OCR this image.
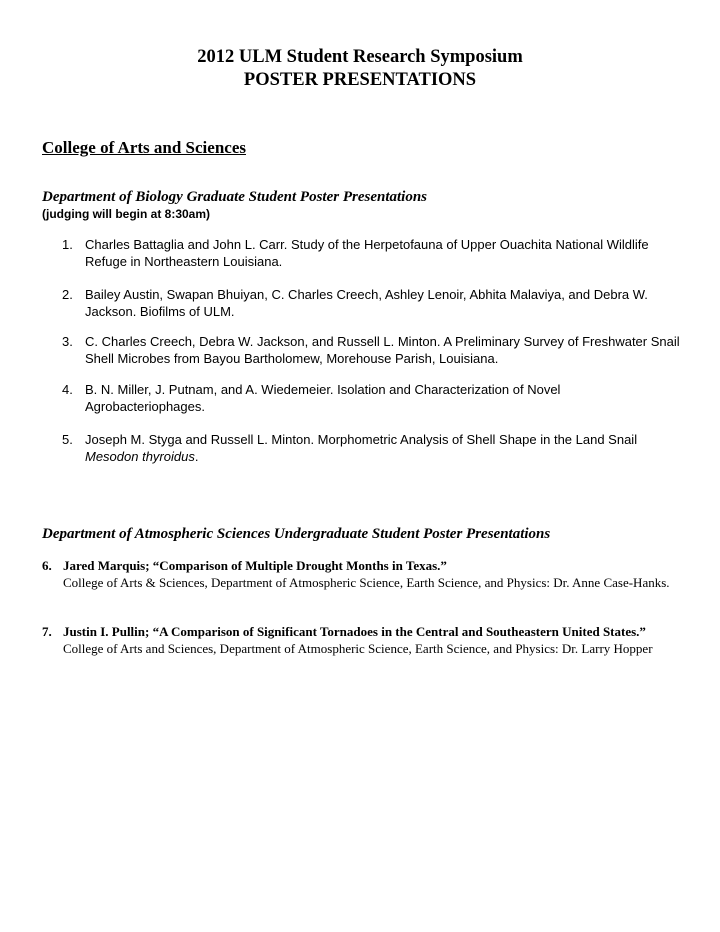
2012 ULM Student Research Symposium
POSTER PRESENTATIONS
College of Arts and Sciences
Department of Biology Graduate Student Poster Presentations
(judging will begin at 8:30am)
1. Charles Battaglia and John L. Carr. Study of the Herpetofauna of Upper Ouachita National Wildlife Refuge in Northeastern Louisiana.
2. Bailey Austin, Swapan Bhuiyan, C. Charles Creech, Ashley Lenoir, Abhita Malaviya, and Debra W. Jackson. Biofilms of ULM.
3. C. Charles Creech, Debra W. Jackson, and Russell L. Minton. A Preliminary Survey of Freshwater Snail Shell Microbes from Bayou Bartholomew, Morehouse Parish, Louisiana.
4. B. N. Miller, J. Putnam, and A. Wiedemeier. Isolation and Characterization of Novel Agrobacteriophages.
5. Joseph M. Styga and Russell L. Minton. Morphometric Analysis of Shell Shape in the Land Snail Mesodon thyroidus.
Department of Atmospheric Sciences Undergraduate Student Poster Presentations
6. Jared Marquis; “Comparison of Multiple Drought Months in Texas.”
College of Arts & Sciences, Department of Atmospheric Science, Earth Science, and Physics: Dr. Anne Case-Hanks.
7. Justin I. Pullin; “A Comparison of Significant Tornadoes in the Central and Southeastern United States.”
College of Arts and Sciences, Department of Atmospheric Science, Earth Science, and Physics: Dr. Larry Hopper
